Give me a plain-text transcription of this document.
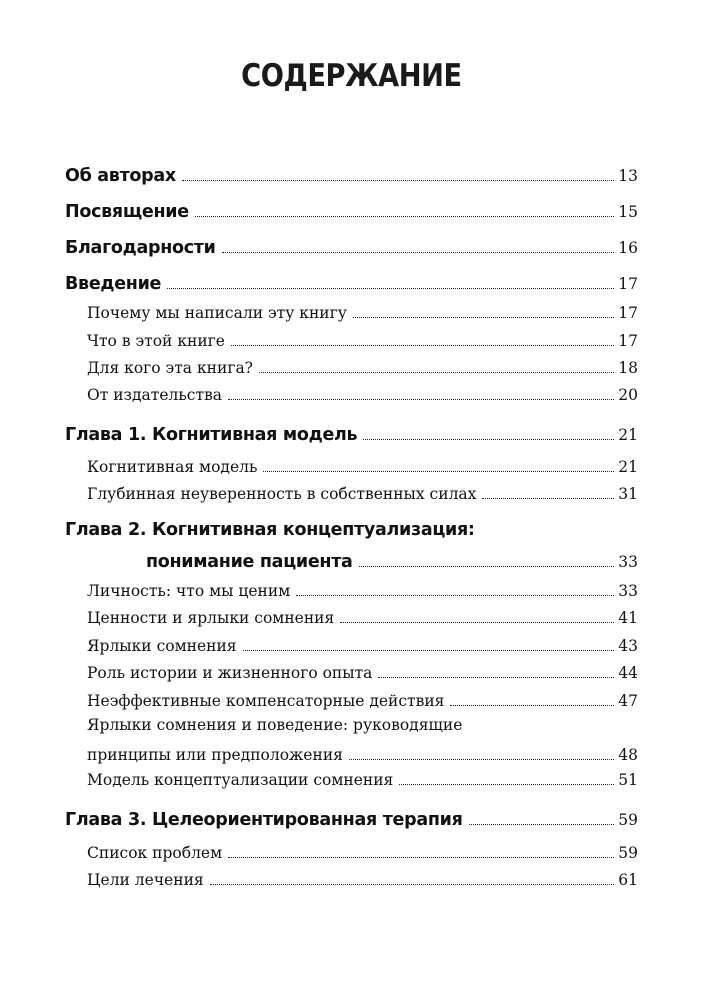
СОДЕРЖАНИЕ
Об авторах	13
Посвящение	15
Благодарности	16
Введение	17
Почему мы написали эту книгу	17
Что в этой книге	17
Для кого эта книга?	18
От издательства	20
Глава 1. Когнитивная модель	21
Когнитивная модель	21
Глубинная неуверенность в собственных силах	31
Глава 2. Когнитивная концептуализация:
понимание пациента	33
Личность: что мы ценим	33
Ценности и ярлыки сомнения	41
Ярлыки сомнения	43
Роль истории и жизненного опыта	44
Неэффективные компенсаторные действия	47
Ярлыки сомнения и поведение: руководящие
принципы или предположения	48
Модель концептуализации сомнения	51
Глава 3. Целеориентированная терапия	59
Список проблем	59
Цели лечения	61
